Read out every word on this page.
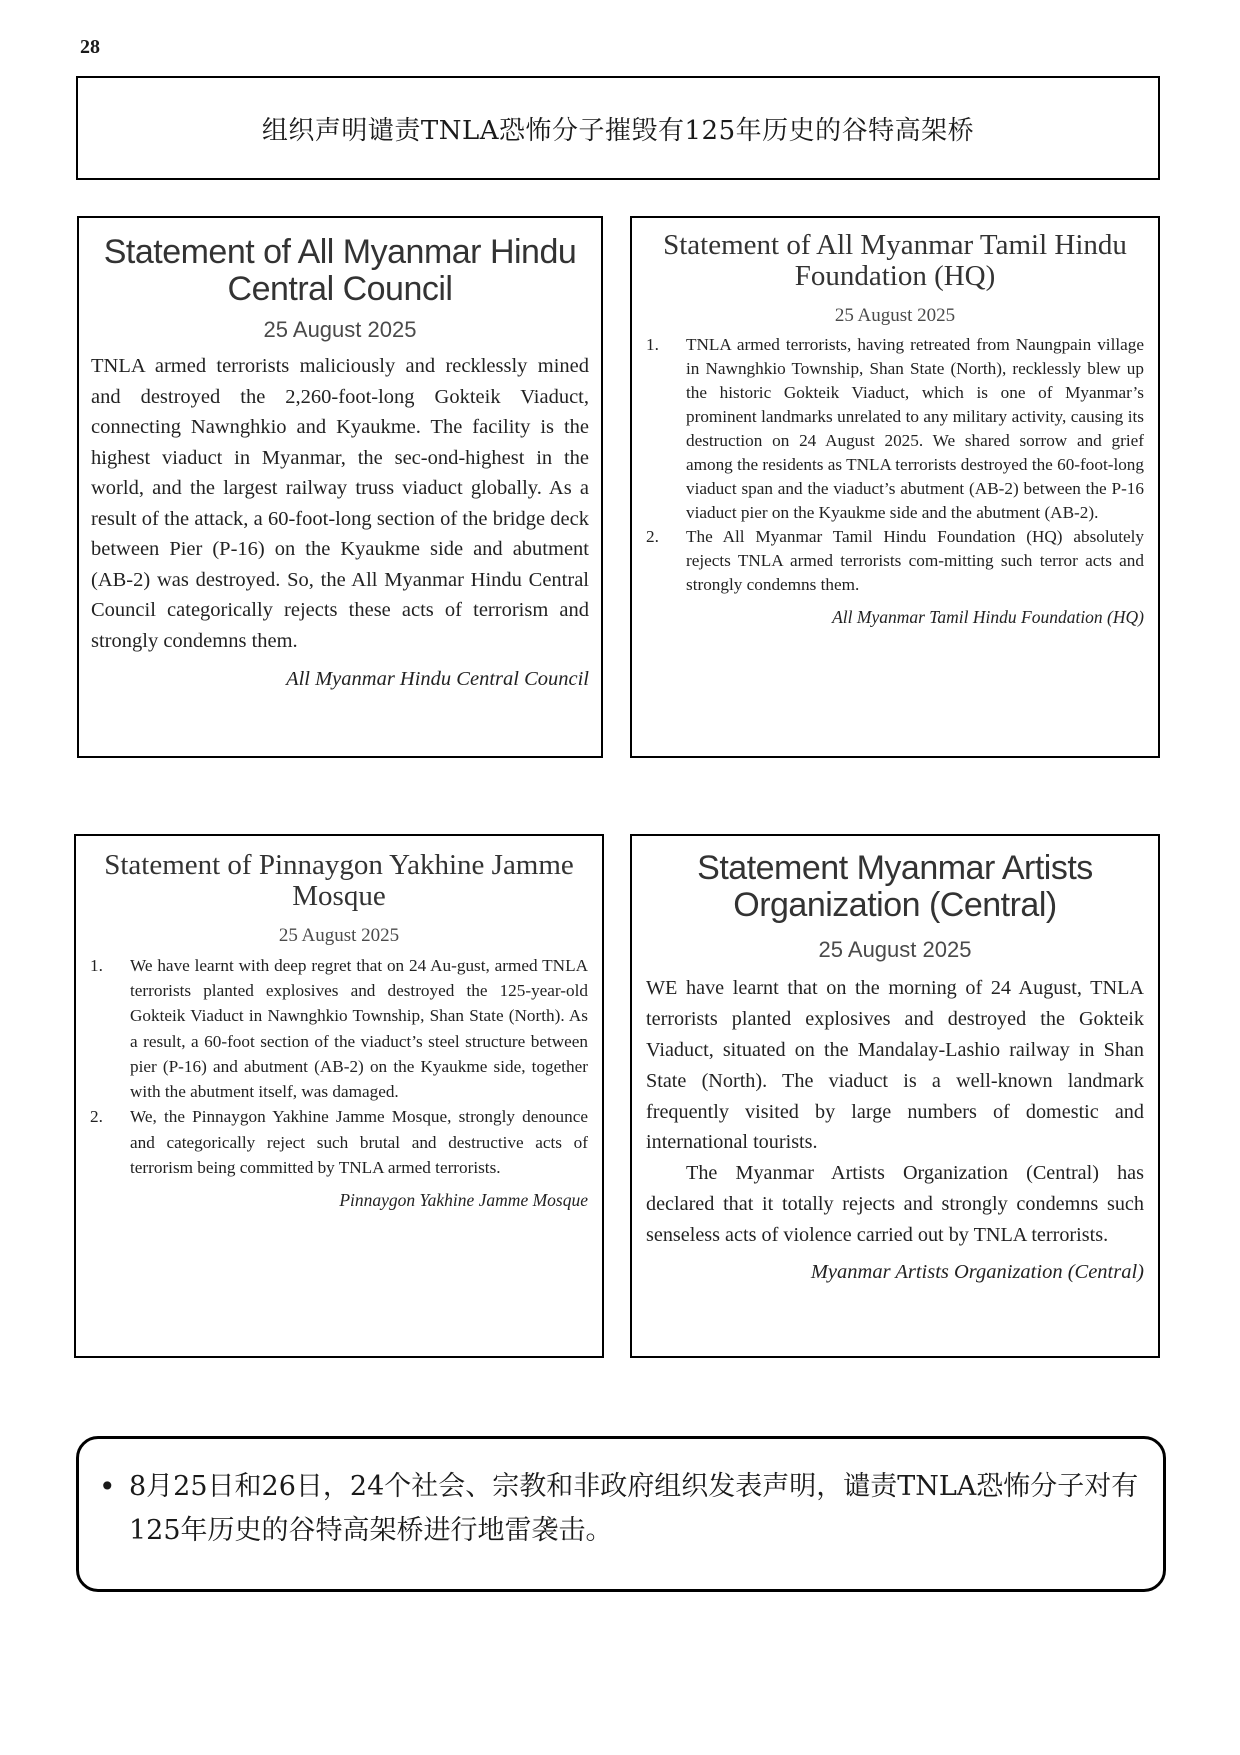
28
组织声明谴责TNLA恐怖分子摧毁有125年历史的谷特高架桥
Statement of All Myanmar Hindu Central Council
25 August 2025

TNLA armed terrorists maliciously and recklessly mined and destroyed the 2,260-foot-long Gokteik Viaduct, connecting Nawnghkio and Kyaukme. The facility is the highest viaduct in Myanmar, the sec-ond-highest in the world, and the largest railway truss viaduct globally. As a result of the attack, a 60-foot-long section of the bridge deck between Pier (P-16) on the Kyaukme side and abutment (AB-2) was destroyed. So, the All Myanmar Hindu Central Council categorically rejects these acts of terrorism and strongly condemns them.

All Myanmar Hindu Central Council
Statement of All Myanmar Tamil Hindu Foundation (HQ)
25 August 2025
1.	TNLA armed terrorists, having retreated from Naungpain village in Nawnghkio Township, Shan State (North), recklessly blew up the historic Gokteik Viaduct, which is one of Myanmar’s prominent landmarks unrelated to any military activity, causing its destruction on 24 August 2025. We shared sorrow and grief among the residents as TNLA terrorists destroyed the 60-foot-long viaduct span and the viaduct’s abutment (AB-2) between the P-16 viaduct pier on the Kyaukme side and the abutment (AB-2).
2.	The All Myanmar Tamil Hindu Foundation (HQ) absolutely rejects TNLA armed terrorists com-mitting such terror acts and strongly condemns them.
All Myanmar Tamil Hindu Foundation (HQ)
Statement of Pinnaygon Yakhine Jamme Mosque
25 August 2025
1.	We have learnt with deep regret that on 24 Au-gust, armed TNLA terrorists planted explosives and destroyed the 125-year-old Gokteik Viaduct in Nawnghkio Township, Shan State (North). As a result, a 60-foot section of the viaduct’s steel structure between pier (P-16) and abutment (AB-2) on the Kyaukme side, together with the abutment itself, was damaged.
2.	We, the Pinnaygon Yakhine Jamme Mosque, strongly denounce and categorically reject such brutal and destructive acts of terrorism being committed by TNLA armed terrorists.
Pinnaygon Yakhine Jamme Mosque
Statement Myanmar Artists Organization (Central)
25 August 2025

WE have learnt that on the morning of 24 August, TNLA terrorists planted explosives and destroyed the Gokteik Viaduct, situated on the Mandalay-Lashio railway in Shan State (North). The viaduct is a well-known landmark frequently visited by large numbers of domestic and international tourists.

The Myanmar Artists Organization (Central) has declared that it totally rejects and strongly condemns such senseless acts of violence carried out by TNLA terrorists.

Myanmar Artists Organization (Central)
• 8月25日和26日，24个社会、宗教和非政府组织发表声明，谴责TNLA恐怖分子对有125年历史的谷特高架桥进行地雷袭击。
